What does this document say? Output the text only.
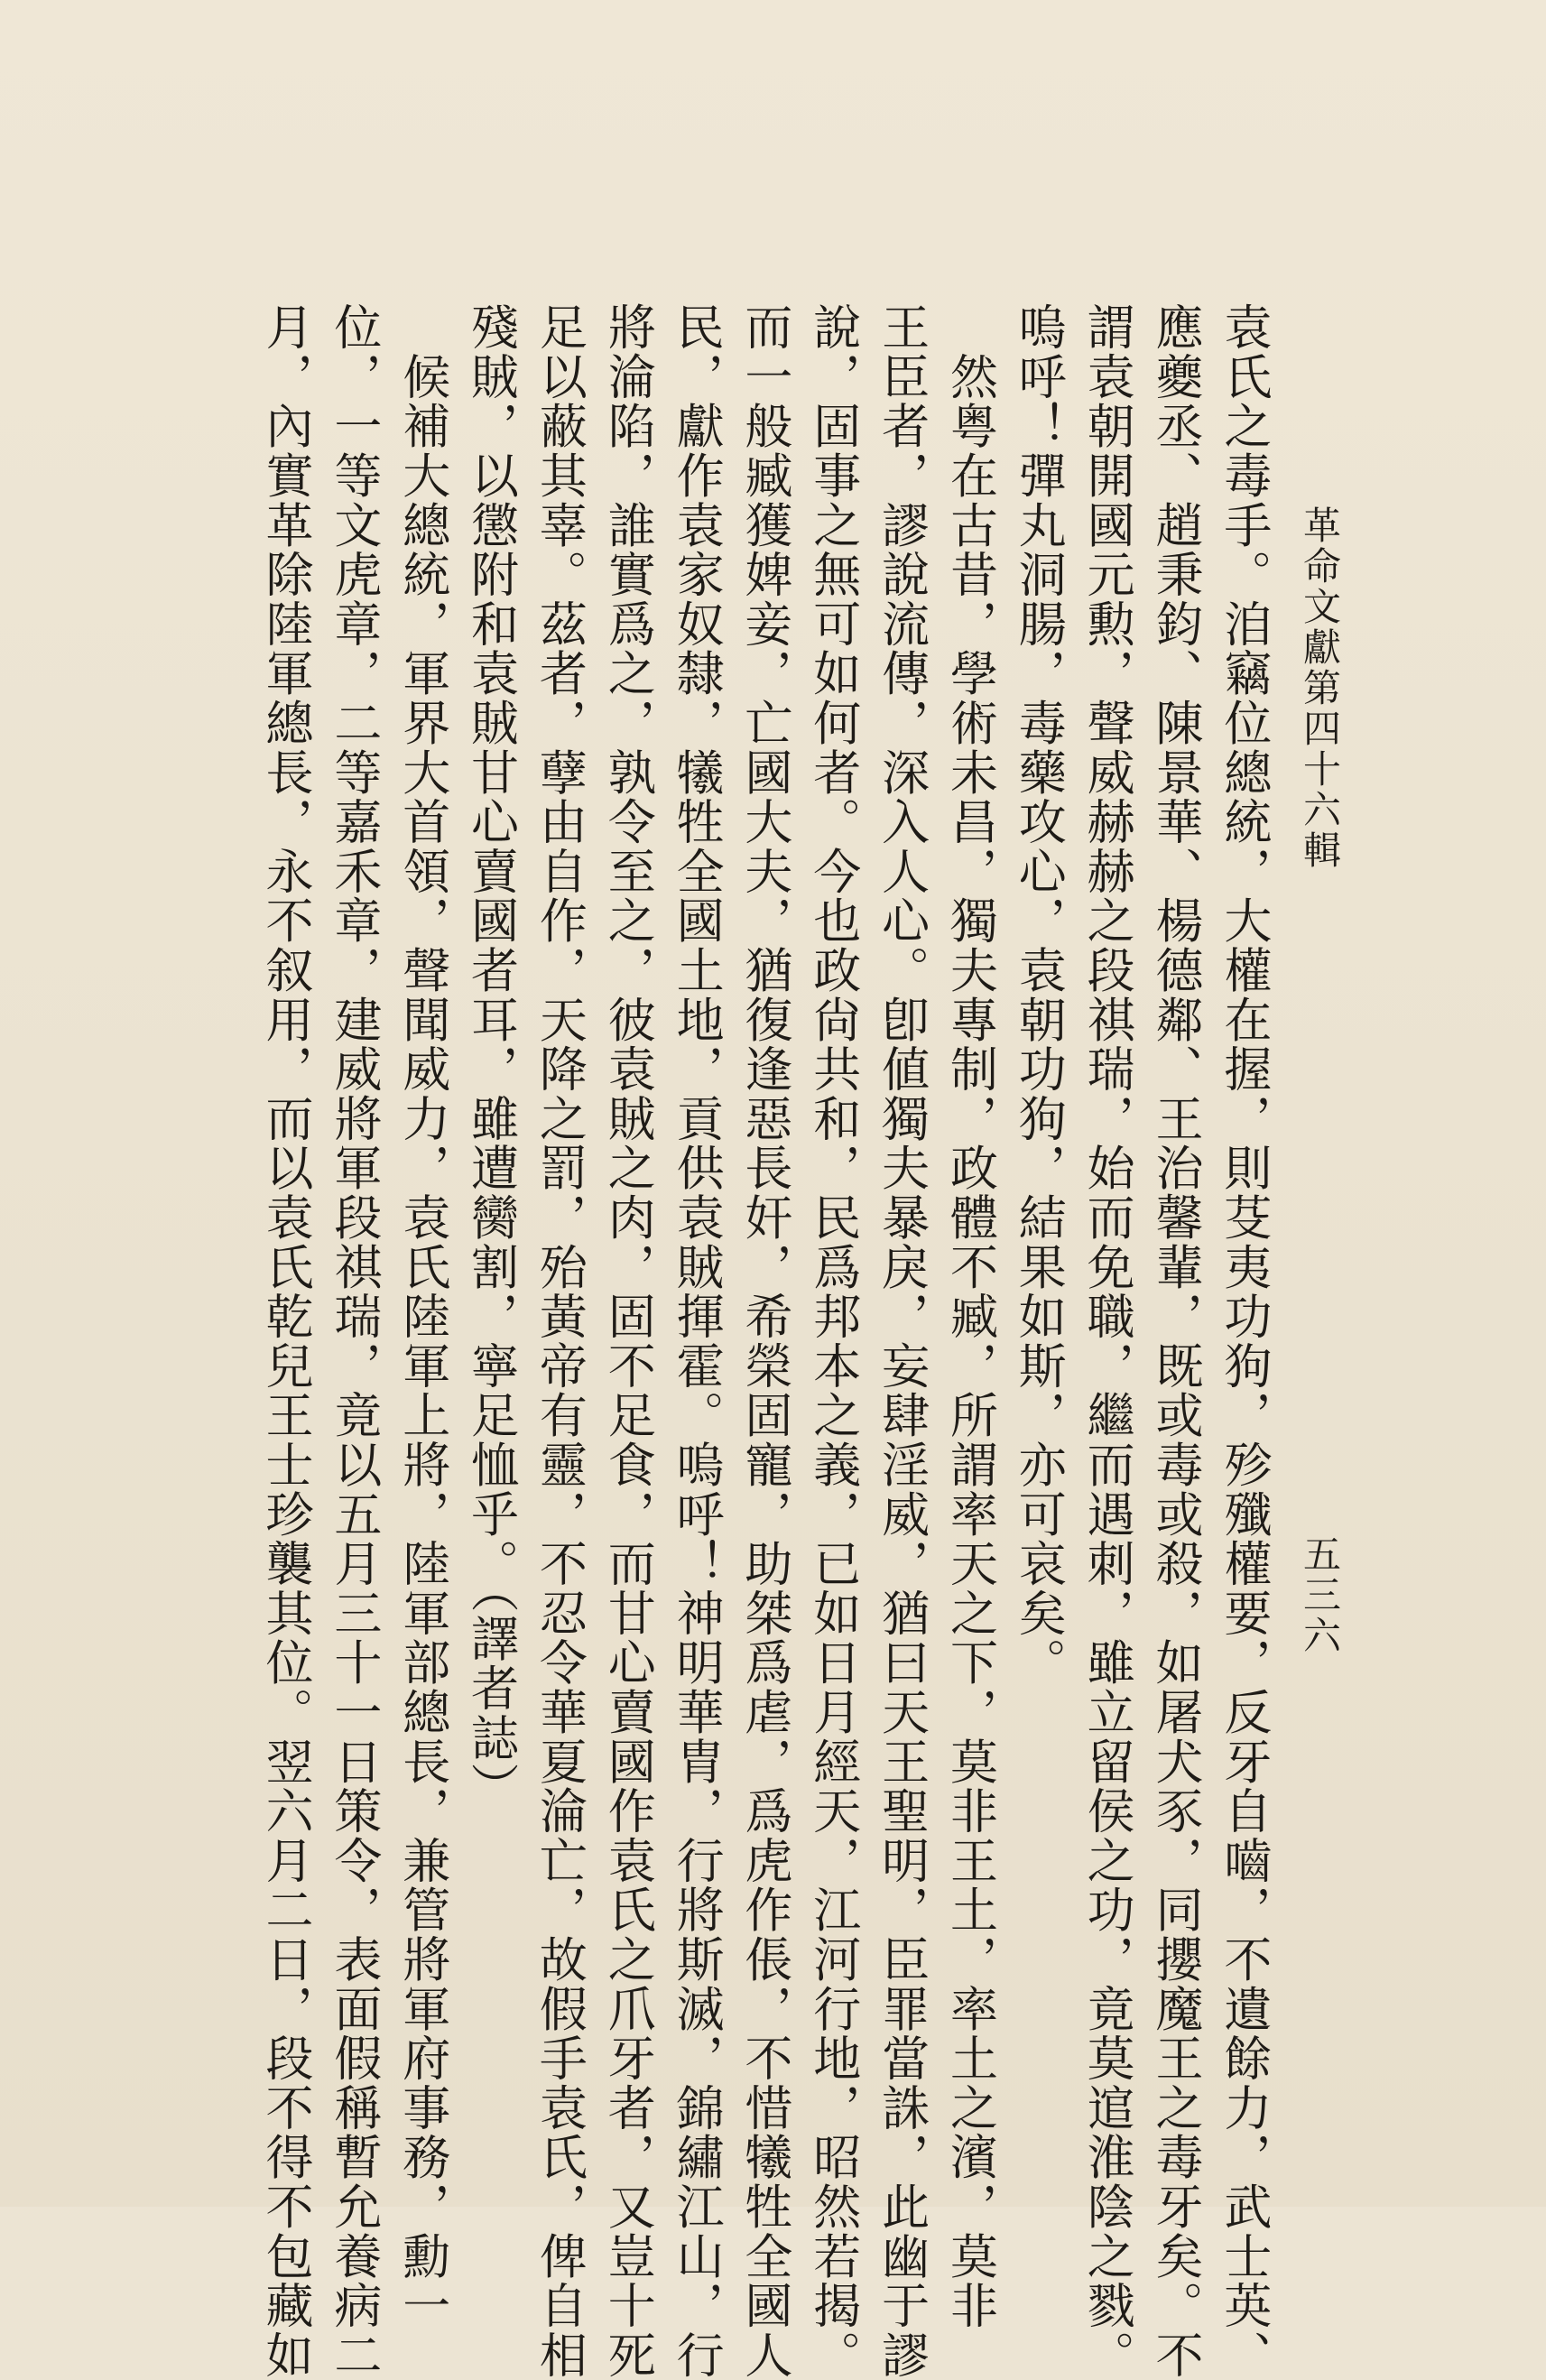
革命文獻第四十六輯
五三六
袁氏之毒手。洎竊位總統，大權在握，則芟夷功狗，殄殲權要，反牙自嚙，不遺餘力，武士英、
應夔丞、趙秉鈞、陳景華、楊德鄰、王治馨輩，既或毒或殺，如屠犬豕，同攖魔王之毒牙矣。不
謂袁朝開國元勲，聲威赫赫之段祺瑞，始而免職，繼而遇刺，雖立留侯之功，竟莫逭淮陰之戮。
嗚呼！彈丸洞腸，毒藥攻心，袁朝功狗，結果如斯，亦可哀矣。
　然粤在古昔，學術未昌，獨夫專制，政體不臧，所謂率天之下，莫非王土，率土之濱，莫非
王臣者，謬說流傳，深入人心。卽値獨夫暴戾，妄肆淫威，猶曰天王聖明，臣罪當誅，此幽于謬
說，固事之無可如何者。今也政尙共和，民爲邦本之義，已如日月經天，江河行地，昭然若揭。
而一般臧獲婢妾，亡國大夫，猶復逢惡長奸，希榮固寵，助桀爲虐，爲虎作倀，不惜犧牲全國人
民，獻作袁家奴隸，犧牲全國土地，貢供袁賊揮霍。嗚呼！神明華胄，行將斯滅，錦繡江山，行
將淪陷，誰實爲之，孰令至之，彼袁賊之肉，固不足食，而甘心賣國作袁氏之爪牙者，又豈十死
足以蔽其辜。茲者，孽由自作，天降之罰，殆黃帝有靈，不忍令華夏淪亡，故假手袁氏，俾自相
殘賊，以懲附和袁賊甘心賣國者耳，雖遭臠割，寧足恤乎。（譯者誌）
　候補大總統，軍界大首領，聲聞威力，袁氏陸軍上將，陸軍部總長，兼管將軍府事務，勳一
位，一等文虎章，二等嘉禾章，建威將軍段祺瑞，竟以五月三十一日策令，表面假稱暫允養病二
月，內實革除陸軍總長，永不叙用，而以袁氏乾兒王士珍襲其位。翌六月二日，段不得不包藏如
